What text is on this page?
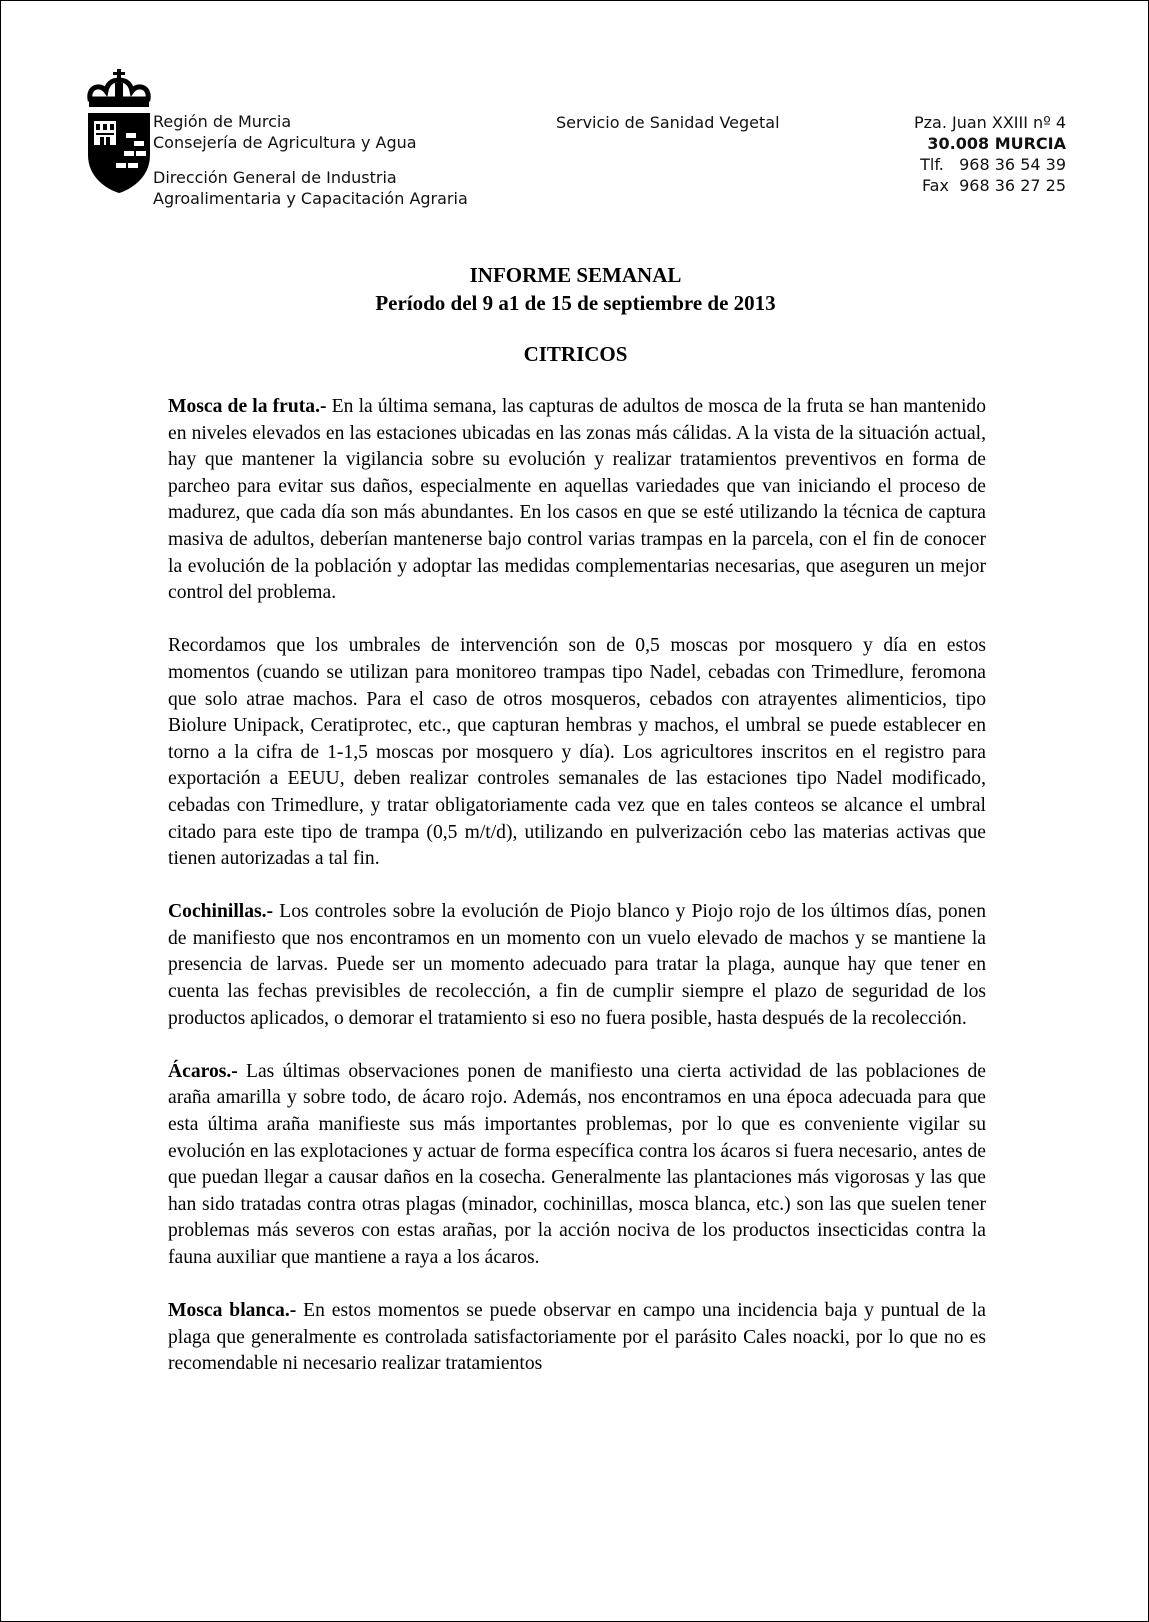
Región de Murcia
Consejería de Agricultura y Agua
Dirección General de Industria
Agroalimentaria y Capacitación Agraria
Servicio de Sanidad Vegetal	Pza. Juan XXIII nº 4
30.008 MURCIA
Tlf.   968 36 54 39
Fax  968 36 27 25
INFORME SEMANAL
Período del 9 a1 de 15 de septiembre de 2013
CITRICOS

Mosca de la fruta.- En la última semana, las capturas de adultos de mosca de la fruta se han mantenido en niveles elevados en las estaciones ubicadas en las zonas más cálidas. A la vista de la situación actual, hay que mantener la vigilancia sobre su evolución y realizar tratamientos preventivos en forma de parcheo para evitar sus daños, especialmente en aquellas variedades que van iniciando el proceso de madurez, que cada día son más abundantes. En los casos en que se esté utilizando la técnica de captura masiva de adultos, deberían mantenerse bajo control varias trampas en la parcela, con el fin de conocer la evolución de la población y adoptar las medidas complementarias necesarias, que aseguren un mejor control del problema.

Recordamos que los umbrales de intervención son de 0,5 moscas por mosquero y día en estos momentos (cuando se utilizan para monitoreo trampas tipo Nadel, cebadas con Trimedlure, feromona que solo atrae machos. Para el caso de otros mosqueros, cebados con atrayentes alimenticios, tipo Biolure Unipack, Ceratiprotec, etc., que capturan hembras y machos, el umbral se puede establecer en torno a la cifra de 1-1,5 moscas por mosquero y día). Los agricultores inscritos en el registro para exportación a EEUU, deben realizar controles semanales de las estaciones tipo Nadel modificado, cebadas con Trimedlure, y tratar obligatoriamente cada vez que en tales conteos se alcance el umbral citado para este tipo de trampa (0,5 m/t/d), utilizando en pulverización cebo las materias activas que tienen autorizadas a tal fin.

Cochinillas.- Los controles sobre la evolución de Piojo blanco y Piojo rojo de los últimos días, ponen de manifiesto que nos encontramos en un momento con un vuelo elevado de machos y se mantiene la presencia de larvas. Puede ser un momento adecuado para tratar la plaga, aunque hay que tener en cuenta las fechas previsibles de recolección, a fin de cumplir siempre el plazo de seguridad de los productos aplicados, o demorar el tratamiento si eso no fuera posible, hasta después de la recolección.

Ácaros.- Las últimas observaciones ponen de manifiesto una cierta actividad de las poblaciones de araña amarilla y sobre todo, de ácaro rojo. Además, nos encontramos en una época adecuada para que esta última araña manifieste sus más importantes problemas, por lo que es conveniente vigilar su evolución en las explotaciones y actuar de forma específica contra los ácaros si fuera necesario, antes de que puedan llegar a causar daños en la cosecha. Generalmente las plantaciones más vigorosas y las que han sido tratadas contra otras plagas (minador, cochinillas, mosca blanca, etc.) son las que suelen tener problemas más severos con estas arañas, por la acción nociva de los productos insecticidas contra la fauna auxiliar que mantiene a raya a los ácaros.

Mosca blanca.- En estos momentos se puede observar en campo una incidencia baja y puntual de la plaga que generalmente es controlada satisfactoriamente por el parásito Cales noacki, por lo que no es recomendable ni necesario realizar tratamientos
